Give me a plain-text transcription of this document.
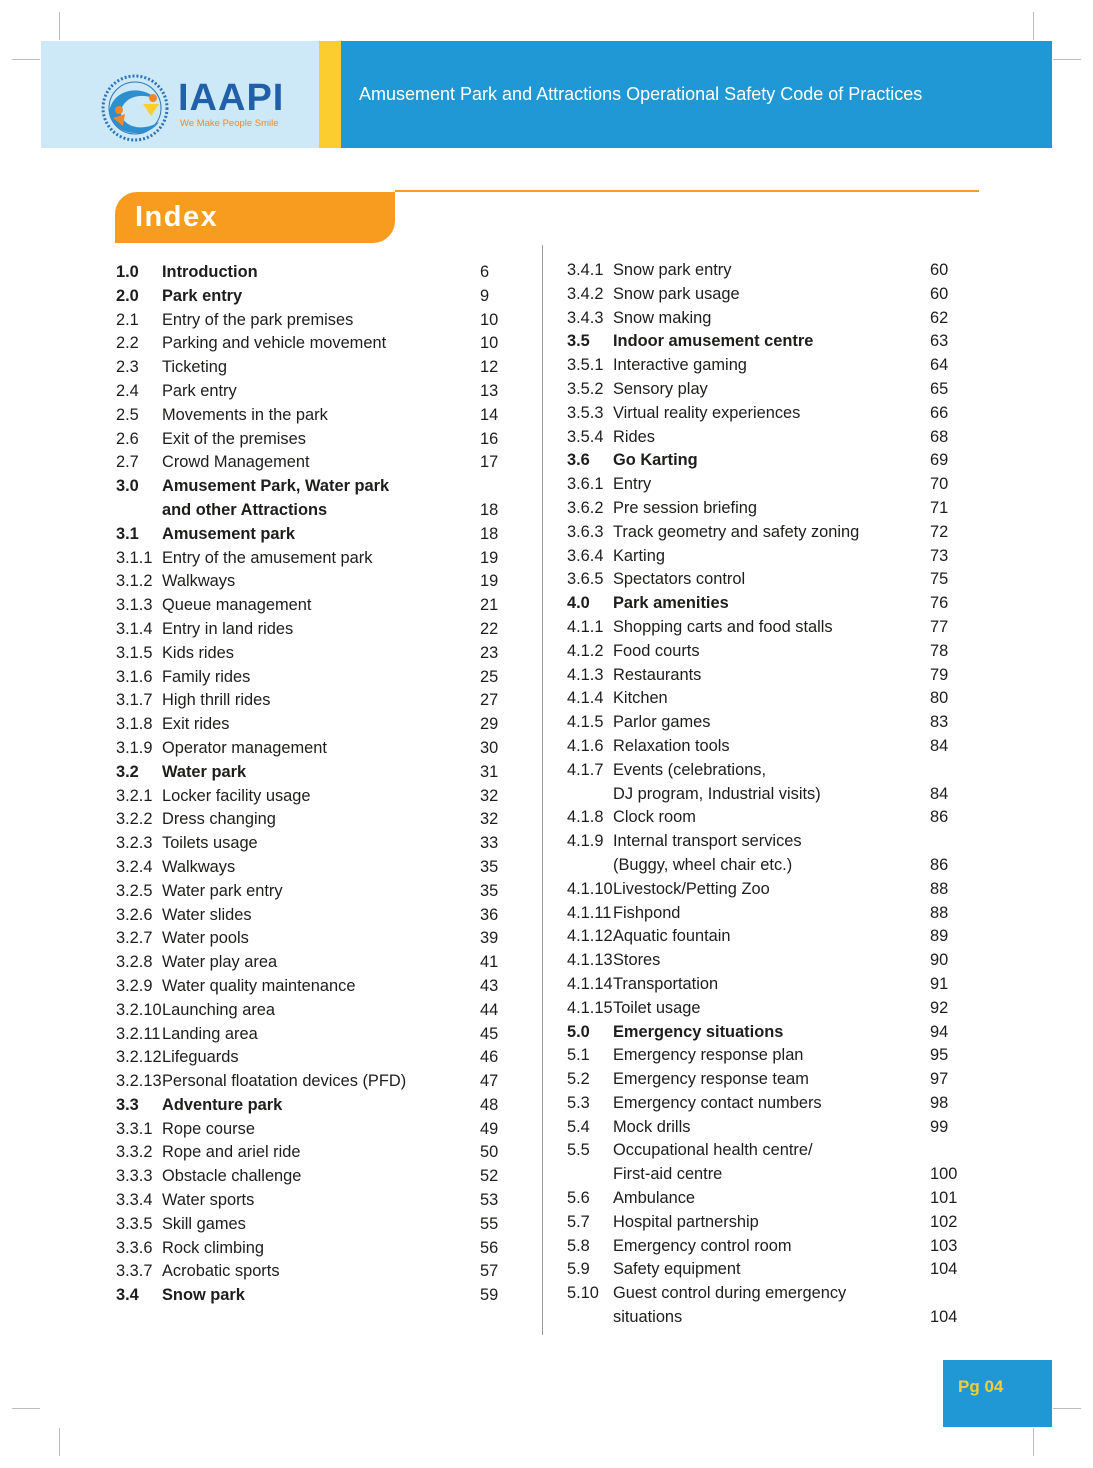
IAAPI
We Make People Smile
Amusement Park and Attractions Operational Safety Code of Practices
Index
1.0	Introduction	6
2.0	Park entry	9
2.1	Entry of the park premises	10
2.2	Parking and vehicle movement	10
2.3	Ticketing	12
2.4	Park entry	13
2.5	Movements in the park	14
2.6	Exit of the premises	16
2.7	Crowd Management	17
3.0	Amusement Park, Water park
and other Attractions	18
3.1	Amusement park	18
3.1.1 Entry of the amusement park	19
3.1.2 Walkways	19
3.1.3 Queue management	21
3.1.4 Entry in land rides	22
3.1.5 Kids rides	23
3.1.6 Family rides	25
3.1.7 High thrill rides	27
3.1.8 Exit rides	29
3.1.9 Operator management	30
3.2	Water park	31
3.2.1 Locker facility usage	32
3.2.2 Dress changing	32
3.2.3 Toilets usage	33
3.2.4 Walkways	35
3.2.5 Water park entry	35
3.2.6 Water slides	36
3.2.7 Water pools	39
3.2.8 Water play area	41
3.2.9 Water quality maintenance	43
3.2.10 Launching area	44
3.2.11 Landing area	45
3.2.12 Lifeguards	46
3.2.13 Personal floatation devices (PFD)	47
3.3	Adventure park	48
3.3.1 Rope course	49
3.3.2 Rope and ariel ride	50
3.3.3 Obstacle challenge	52
3.3.4 Water sports	53
3.3.5 Skill games	55
3.3.6 Rock climbing	56
3.3.7 Acrobatic sports	57
3.4	Snow park	59
3.4.1 Snow park entry	60
3.4.2 Snow park usage	60
3.4.3 Snow making	62
3.5	Indoor amusement centre	63
3.5.1 Interactive gaming	64
3.5.2 Sensory play	65
3.5.3 Virtual reality experiences	66
3.5.4 Rides	68
3.6	Go Karting	69
3.6.1 Entry	70
3.6.2 Pre session briefing	71
3.6.3 Track geometry and safety zoning	72
3.6.4 Karting	73
3.6.5 Spectators control	75
4.0	Park amenities	76
4.1.1 Shopping carts and food stalls	77
4.1.2 Food courts	78
4.1.3 Restaurants	79
4.1.4 Kitchen	80
4.1.5 Parlor games	83
4.1.6 Relaxation tools	84
4.1.7 Events (celebrations,
DJ program, Industrial visits)	84
4.1.8 Clock room	86
4.1.9 Internal transport services
(Buggy, wheel chair etc.)	86
4.1.10 Livestock/Petting Zoo	88
4.1.11 Fishpond	88
4.1.12 Aquatic fountain	89
4.1.13 Stores	90
4.1.14 Transportation	91
4.1.15 Toilet usage	92
5.0	Emergency situations	94
5.1	Emergency response plan	95
5.2	Emergency response team	97
5.3	Emergency contact numbers	98
5.4	Mock drills	99
5.5	Occupational health centre/
First-aid centre	100
5.6	Ambulance	101
5.7	Hospital partnership	102
5.8	Emergency control room	103
5.9	Safety equipment	104
5.10 Guest control during emergency
situations	104
Pg 04
